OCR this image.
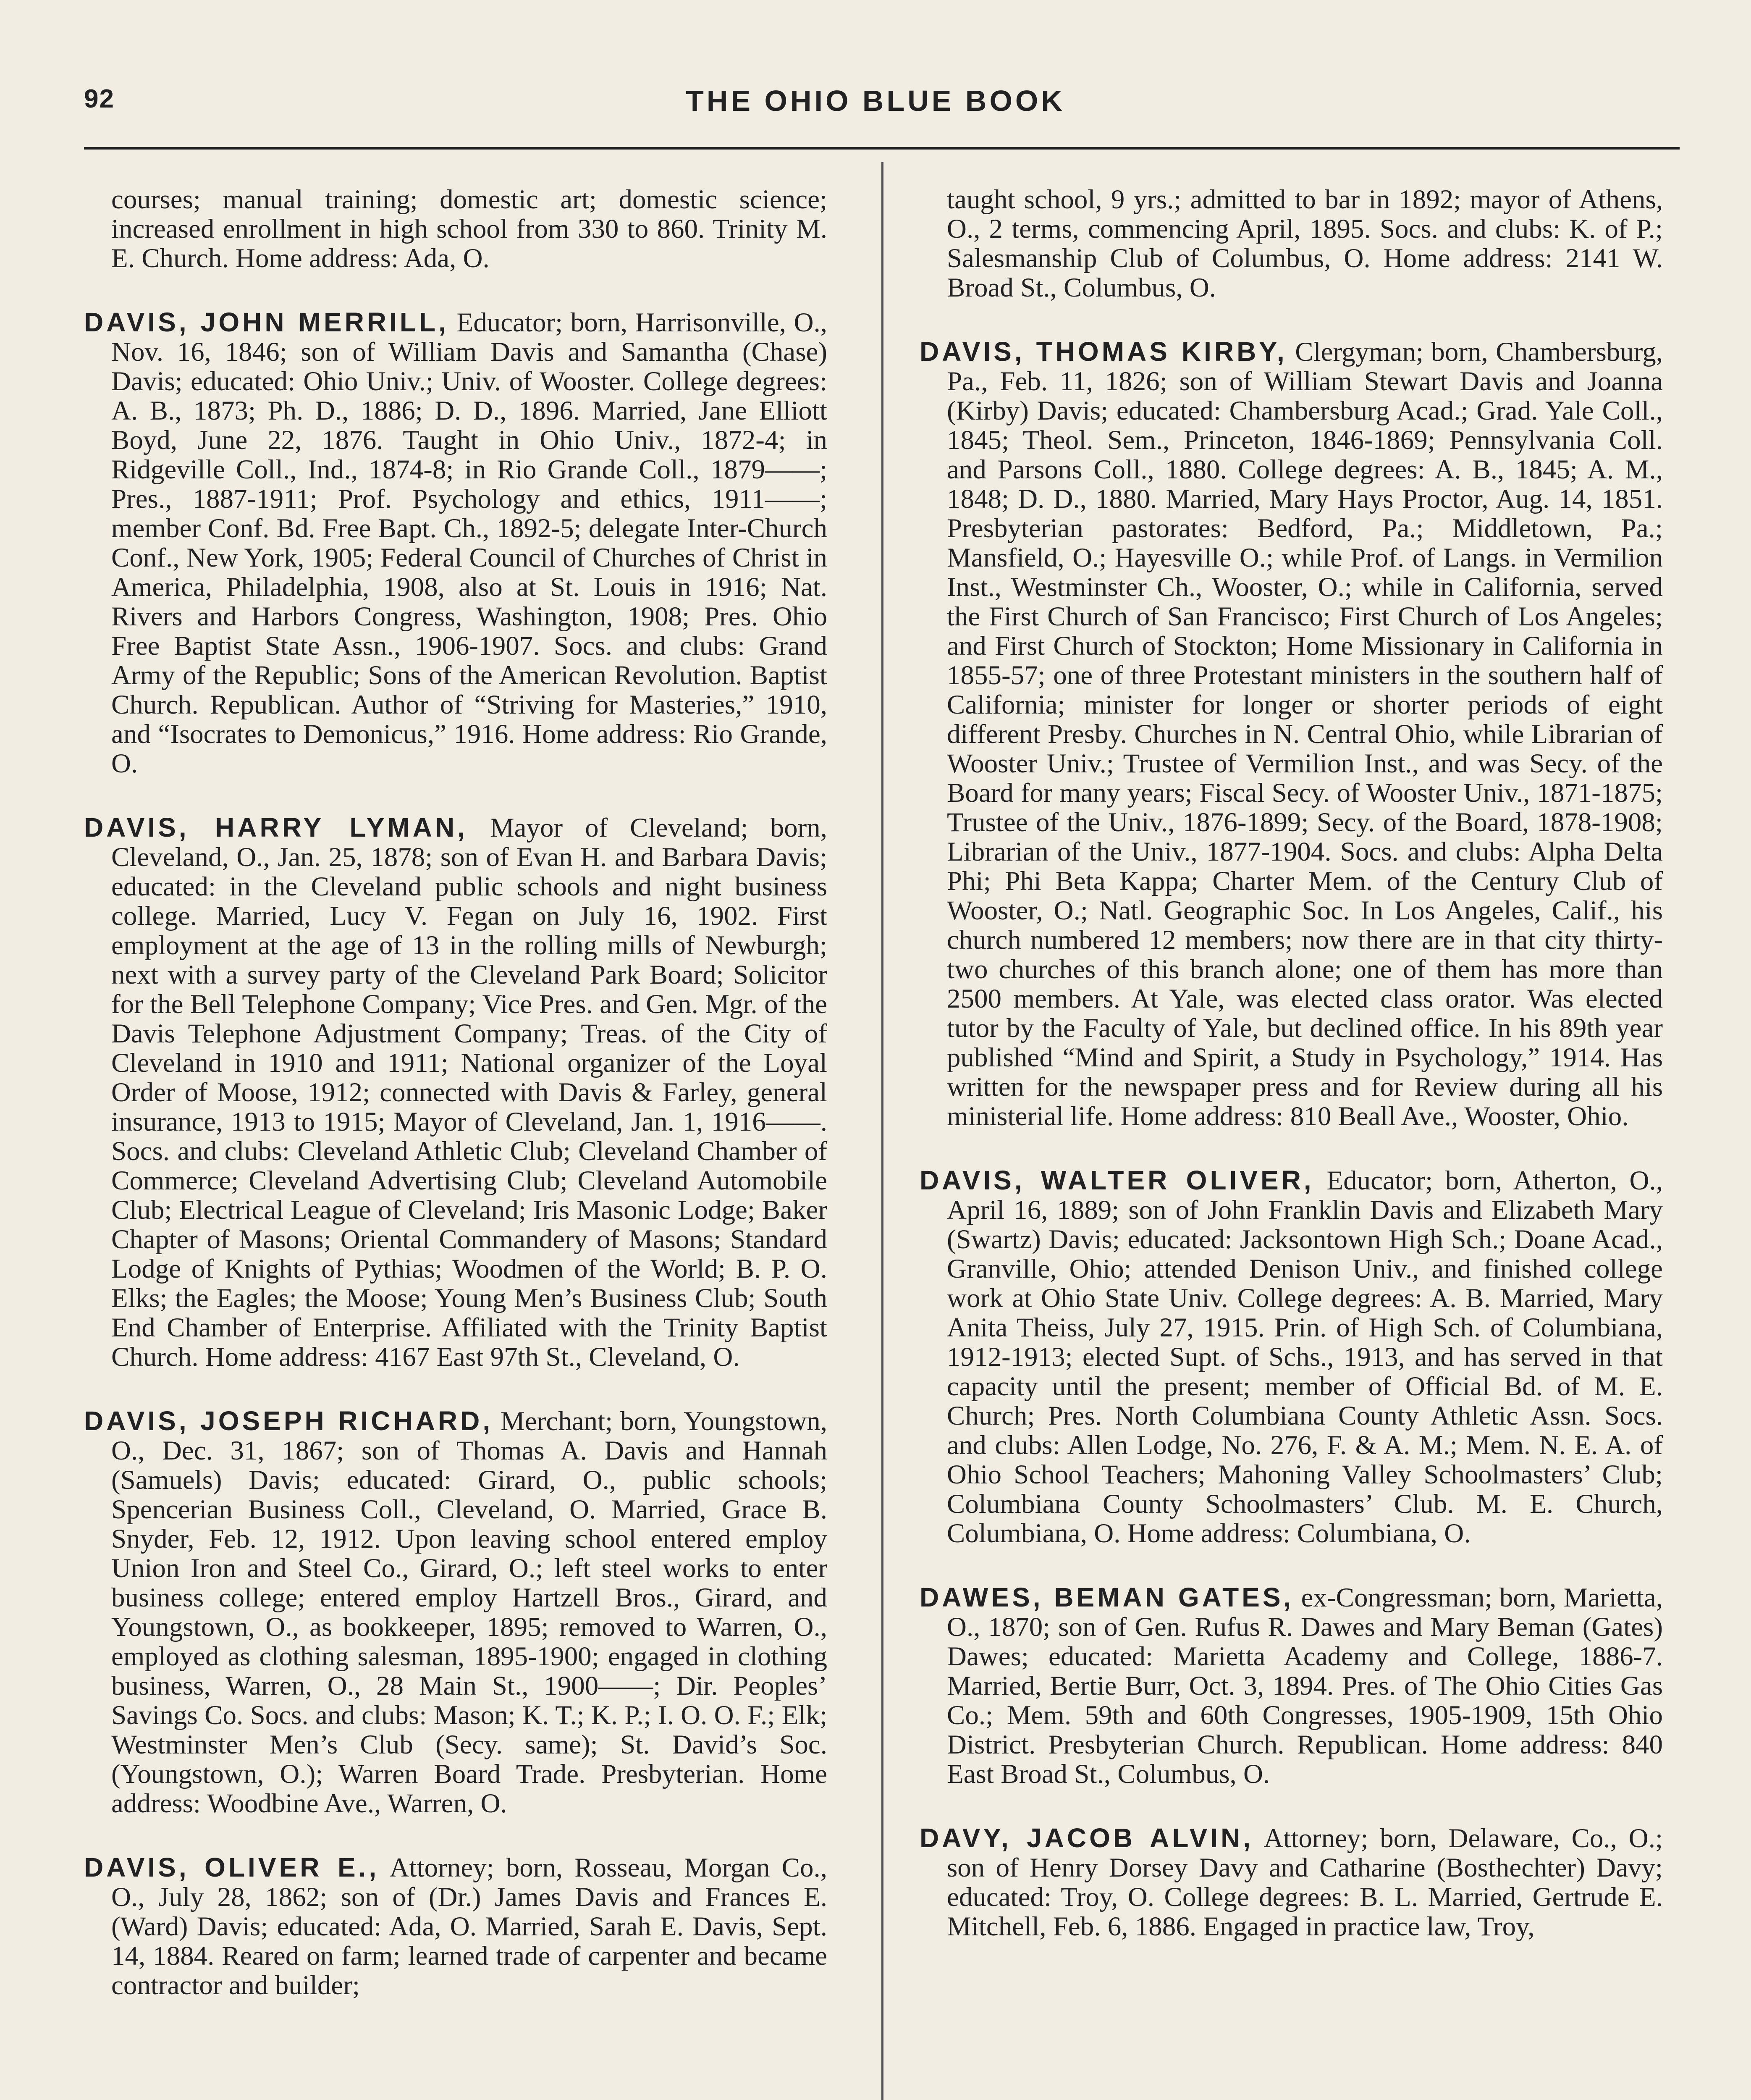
92	THE OHIO BLUE BOOK

courses; manual training; domestic art; domestic science; increased enrollment in high school from 330 to 860. Trinity M. E. Church. Home address: Ada, O.

DAVIS, JOHN MERRILL, Educator; born, Harrisonville, O., Nov. 16, 1846; son of William Davis and Samantha (Chase) Davis; educated: Ohio Univ.; Univ. of Wooster. College degrees: A. B., 1873; Ph. D., 1886; D. D., 1896. Married, Jane Elliott Boyd, June 22, 1876. Taught in Ohio Univ., 1872-4; in Ridgeville Coll., Ind., 1874-8; in Rio Grande Coll., 1879——; Pres., 1887-1911; Prof. Psychology and ethics, 1911——; member Conf. Bd. Free Bapt. Ch., 1892-5; delegate Inter-Church Conf., New York, 1905; Federal Council of Churches of Christ in America, Philadelphia, 1908, also at St. Louis in 1916; Nat. Rivers and Harbors Congress, Washington, 1908; Pres. Ohio Free Baptist State Assn., 1906-1907. Socs. and clubs: Grand Army of the Republic; Sons of the American Revolution. Baptist Church. Republican. Author of “Striving for Masteries,” 1910, and “Isocrates to Demonicus,” 1916. Home address: Rio Grande, O.

DAVIS, HARRY LYMAN, Mayor of Cleveland; born, Cleveland, O., Jan. 25, 1878; son of Evan H. and Barbara Davis; educated: in the Cleveland public schools and night business college. Married, Lucy V. Fegan on July 16, 1902. First employment at the age of 13 in the rolling mills of Newburgh; next with a survey party of the Cleveland Park Board; Solicitor for the Bell Telephone Company; Vice Pres. and Gen. Mgr. of the Davis Telephone Adjustment Company; Treas. of the City of Cleveland in 1910 and 1911; National organizer of the Loyal Order of Moose, 1912; connected with Davis & Farley, general insurance, 1913 to 1915; Mayor of Cleveland, Jan. 1, 1916——. Socs. and clubs: Cleveland Athletic Club; Cleveland Chamber of Commerce; Cleveland Advertising Club; Cleveland Automobile Club; Electrical League of Cleveland; Iris Masonic Lodge; Baker Chapter of Masons; Oriental Commandery of Masons; Standard Lodge of Knights of Pythias; Woodmen of the World; B. P. O. Elks; the Eagles; the Moose; Young Men’s Business Club; South End Chamber of Enterprise. Affiliated with the Trinity Baptist Church. Home address: 4167 East 97th St., Cleveland, O.

DAVIS, JOSEPH RICHARD, Merchant; born, Youngstown, O., Dec. 31, 1867; son of Thomas A. Davis and Hannah (Samuels) Davis; educated: Girard, O., public schools; Spencerian Business Coll., Cleveland, O. Married, Grace B. Snyder, Feb. 12, 1912. Upon leaving school entered employ Union Iron and Steel Co., Girard, O.; left steel works to enter business college; entered employ Hartzell Bros., Girard, and Youngstown, O., as bookkeeper, 1895; removed to Warren, O., employed as clothing salesman, 1895-1900; engaged in clothing business, Warren, O., 28 Main St., 1900——; Dir. Peoples’ Savings Co. Socs. and clubs: Mason; K. T.; K. P.; I. O. O. F.; Elk; Westminster Men’s Club (Secy. same); St. David’s Soc. (Youngstown, O.); Warren Board Trade. Presbyterian. Home address: Woodbine Ave., Warren, O.

DAVIS, OLIVER E., Attorney; born, Rosseau, Morgan Co., O., July 28, 1862; son of (Dr.) James Davis and Frances E. (Ward) Davis; educated: Ada, O. Married, Sarah E. Davis, Sept. 14, 1884. Reared on farm; learned trade of carpenter and became contractor and builder;

taught school, 9 yrs.; admitted to bar in 1892; mayor of Athens, O., 2 terms, commencing April, 1895. Socs. and clubs: K. of P.; Salesmanship Club of Columbus, O. Home address: 2141 W. Broad St., Columbus, O.

DAVIS, THOMAS KIRBY, Clergyman; born, Chambersburg, Pa., Feb. 11, 1826; son of William Stewart Davis and Joanna (Kirby) Davis; educated: Chambersburg Acad.; Grad. Yale Coll., 1845; Theol. Sem., Princeton, 1846-1869; Pennsylvania Coll. and Parsons Coll., 1880. College degrees: A. B., 1845; A. M., 1848; D. D., 1880. Married, Mary Hays Proctor, Aug. 14, 1851. Presbyterian pastorates: Bedford, Pa.; Middletown, Pa.; Mansfield, O.; Hayesville O.; while Prof. of Langs. in Vermilion Inst., Westminster Ch., Wooster, O.; while in California, served the First Church of San Francisco; First Church of Los Angeles; and First Church of Stockton; Home Missionary in California in 1855-57; one of three Protestant ministers in the southern half of California; minister for longer or shorter periods of eight different Presby. Churches in N. Central Ohio, while Librarian of Wooster Univ.; Trustee of Vermilion Inst., and was Secy. of the Board for many years; Fiscal Secy. of Wooster Univ., 1871-1875; Trustee of the Univ., 1876-1899; Secy. of the Board, 1878-1908; Librarian of the Univ., 1877-1904. Socs. and clubs: Alpha Delta Phi; Phi Beta Kappa; Charter Mem. of the Century Club of Wooster, O.; Natl. Geographic Soc. In Los Angeles, Calif., his church numbered 12 members; now there are in that city thirty-two churches of this branch alone; one of them has more than 2500 members. At Yale, was elected class orator. Was elected tutor by the Faculty of Yale, but declined office. In his 89th year published “Mind and Spirit, a Study in Psychology,” 1914. Has written for the newspaper press and for Review during all his ministerial life. Home address: 810 Beall Ave., Wooster, Ohio.

DAVIS, WALTER OLIVER, Educator; born, Atherton, O., April 16, 1889; son of John Franklin Davis and Elizabeth Mary (Swartz) Davis; educated: Jacksontown High Sch.; Doane Acad., Granville, Ohio; attended Denison Univ., and finished college work at Ohio State Univ. College degrees: A. B. Married, Mary Anita Theiss, July 27, 1915. Prin. of High Sch. of Columbiana, 1912-1913; elected Supt. of Schs., 1913, and has served in that capacity until the present; member of Official Bd. of M. E. Church; Pres. North Columbiana County Athletic Assn. Socs. and clubs: Allen Lodge, No. 276, F. & A. M.; Mem. N. E. A. of Ohio School Teachers; Mahoning Valley Schoolmasters’ Club; Columbiana County Schoolmasters’ Club. M. E. Church, Columbiana, O. Home address: Columbiana, O.

DAWES, BEMAN GATES, ex-Congressman; born, Marietta, O., 1870; son of Gen. Rufus R. Dawes and Mary Beman (Gates) Dawes; educated: Marietta Academy and College, 1886-7. Married, Bertie Burr, Oct. 3, 1894. Pres. of The Ohio Cities Gas Co.; Mem. 59th and 60th Congresses, 1905-1909, 15th Ohio District. Presbyterian Church. Republican. Home address: 840 East Broad St., Columbus, O.

DAVY, JACOB ALVIN, Attorney; born, Delaware, Co., O.; son of Henry Dorsey Davy and Catharine (Bosthechter) Davy; educated: Troy, O. College degrees: B. L. Married, Gertrude E. Mitchell, Feb. 6, 1886. Engaged in practice law, Troy,
